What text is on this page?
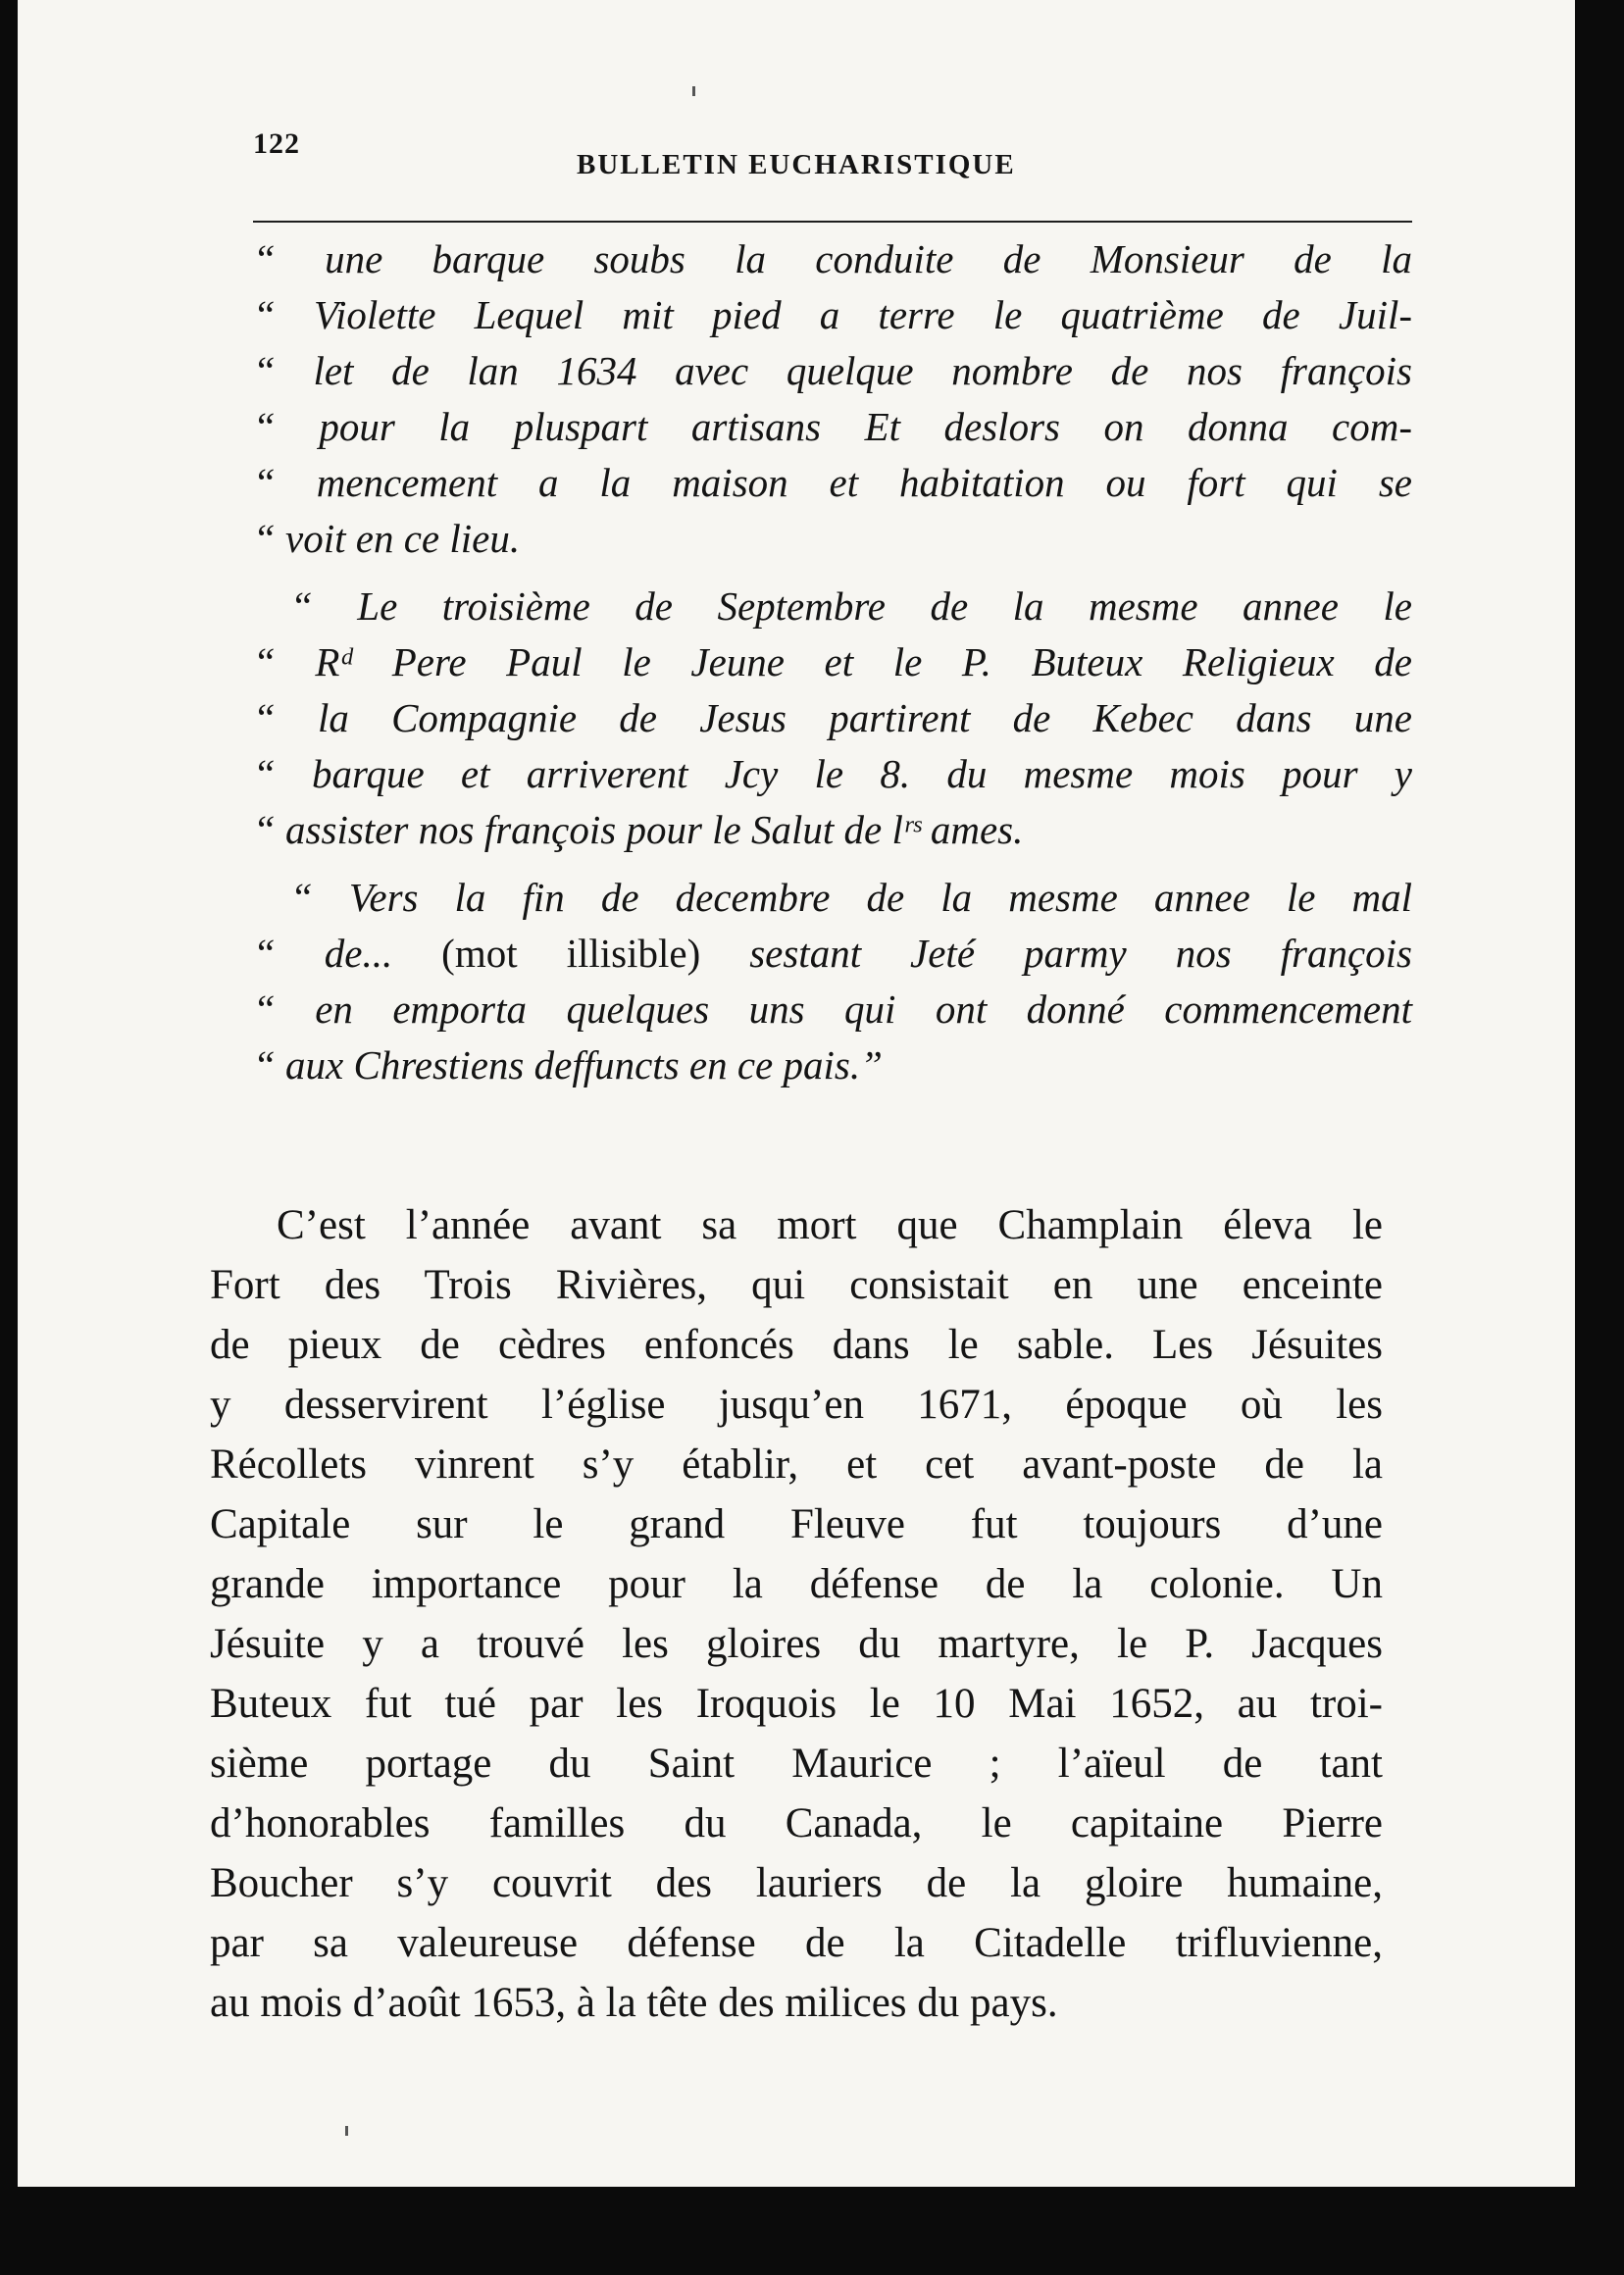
122
BULLETIN EUCHARISTIQUE
“ une barque soubs la conduite de Monsieur de la
“ Violette Lequel mit pied a terre le quatrième de Juil-
“ let de lan 1634 avec quelque nombre de nos françois
“ pour la pluspart artisans Et deslors on donna com-
“ mencement a la maison et habitation ou fort qui se
“ voit en ce lieu.
“ Le troisième de Septembre de la mesme annee le
“ Rᵈ Pere Paul le Jeune et le P. Buteux Religieux de
“ la Compagnie de Jesus partirent de Kebec dans une
“ barque et arriverent Jcy le 8. du mesme mois pour y
“ assister nos françois pour le Salut de lʳˢ ames.
“ Vers la fin de decembre de la mesme annee le mal
“ de... (mot illisible) sestant Jeté parmy nos françois
“ en emporta quelques uns qui ont donné commencement
“ aux Chrestiens deffuncts en ce pais.”
C’est l’année avant sa mort que Champlain éleva le
Fort des Trois Rivières, qui consistait en une enceinte
de pieux de cèdres enfoncés dans le sable. Les Jésuites
y desservirent l’église jusqu’en 1671, époque où les
Récollets vinrent s’y établir, et cet avant-poste de la
Capitale sur le grand Fleuve fut toujours d’une
grande importance pour la défense de la colonie. Un
Jésuite y a trouvé les gloires du martyre, le P. Jacques
Buteux fut tué par les Iroquois le 10 Mai 1652, au troi-
sième portage du Saint Maurice ; l’aïeul de tant
d’honorables familles du Canada, le capitaine Pierre
Boucher s’y couvrit des lauriers de la gloire humaine,
par sa valeureuse défense de la Citadelle trifluvienne,
au mois d’août 1653, à la tête des milices du pays.
